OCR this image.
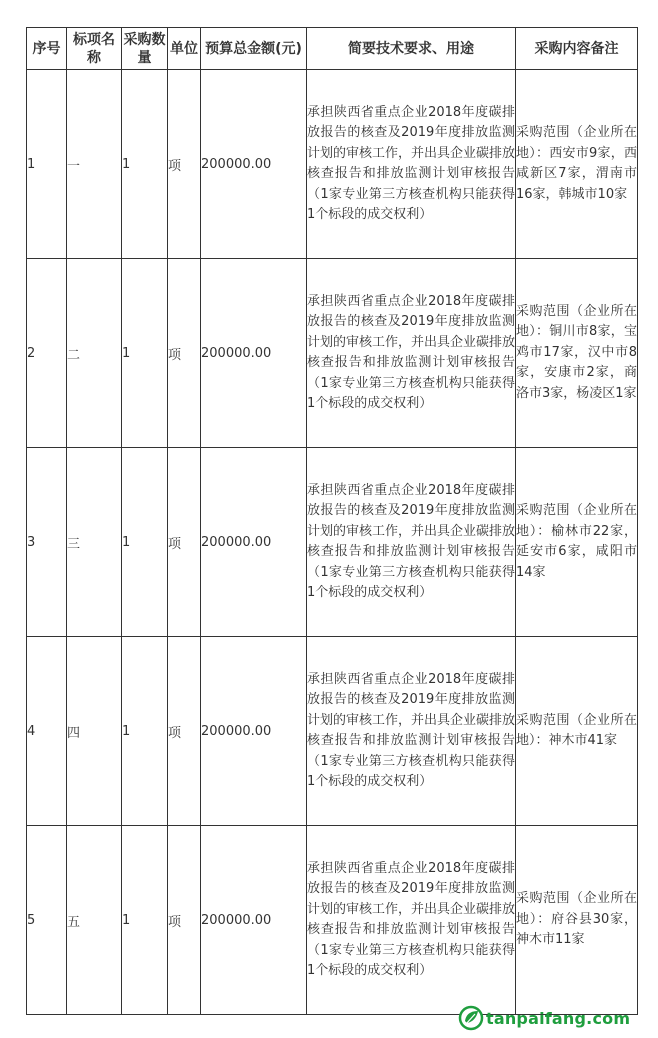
序号	标项名称	采购数量	单位	预算总金额(元)	简要技术要求、用途	采购内容备注
1	一	1	项	200000.00	承担陕西省重点企业2018年度碳排放报告的核查及2019年度排放监测计划的审核工作，并出具企业碳排放核查报告和排放监测计划审核报告（1家专业第三方核查机构只能获得1个标段的成交权利）	采购范围（企业所在地）：西安市9家，西咸新区7家，渭南市16家，韩城市10家
2	二	1	项	200000.00	承担陕西省重点企业2018年度碳排放报告的核查及2019年度排放监测计划的审核工作，并出具企业碳排放核查报告和排放监测计划审核报告（1家专业第三方核查机构只能获得1个标段的成交权利）	采购范围（企业所在地）：铜川市8家，宝鸡市17家，汉中市8家，安康市2家，商洛市3家，杨凌区1家
3	三	1	项	200000.00	承担陕西省重点企业2018年度碳排放报告的核查及2019年度排放监测计划的审核工作，并出具企业碳排放核查报告和排放监测计划审核报告（1家专业第三方核查机构只能获得1个标段的成交权利）	采购范围（企业所在地）：榆林市22家，延安市6家，咸阳市14家
4	四	1	项	200000.00	承担陕西省重点企业2018年度碳排放报告的核查及2019年度排放监测计划的审核工作，并出具企业碳排放核查报告和排放监测计划审核报告（1家专业第三方核查机构只能获得1个标段的成交权利）	采购范围（企业所在地）：神木市41家
5	五	1	项	200000.00	承担陕西省重点企业2018年度碳排放报告的核查及2019年度排放监测计划的审核工作，并出具企业碳排放核查报告和排放监测计划审核报告（1家专业第三方核查机构只能获得1个标段的成交权利）	采购范围（企业所在地）：府谷县30家，神木市11家
tanpaifang.com
